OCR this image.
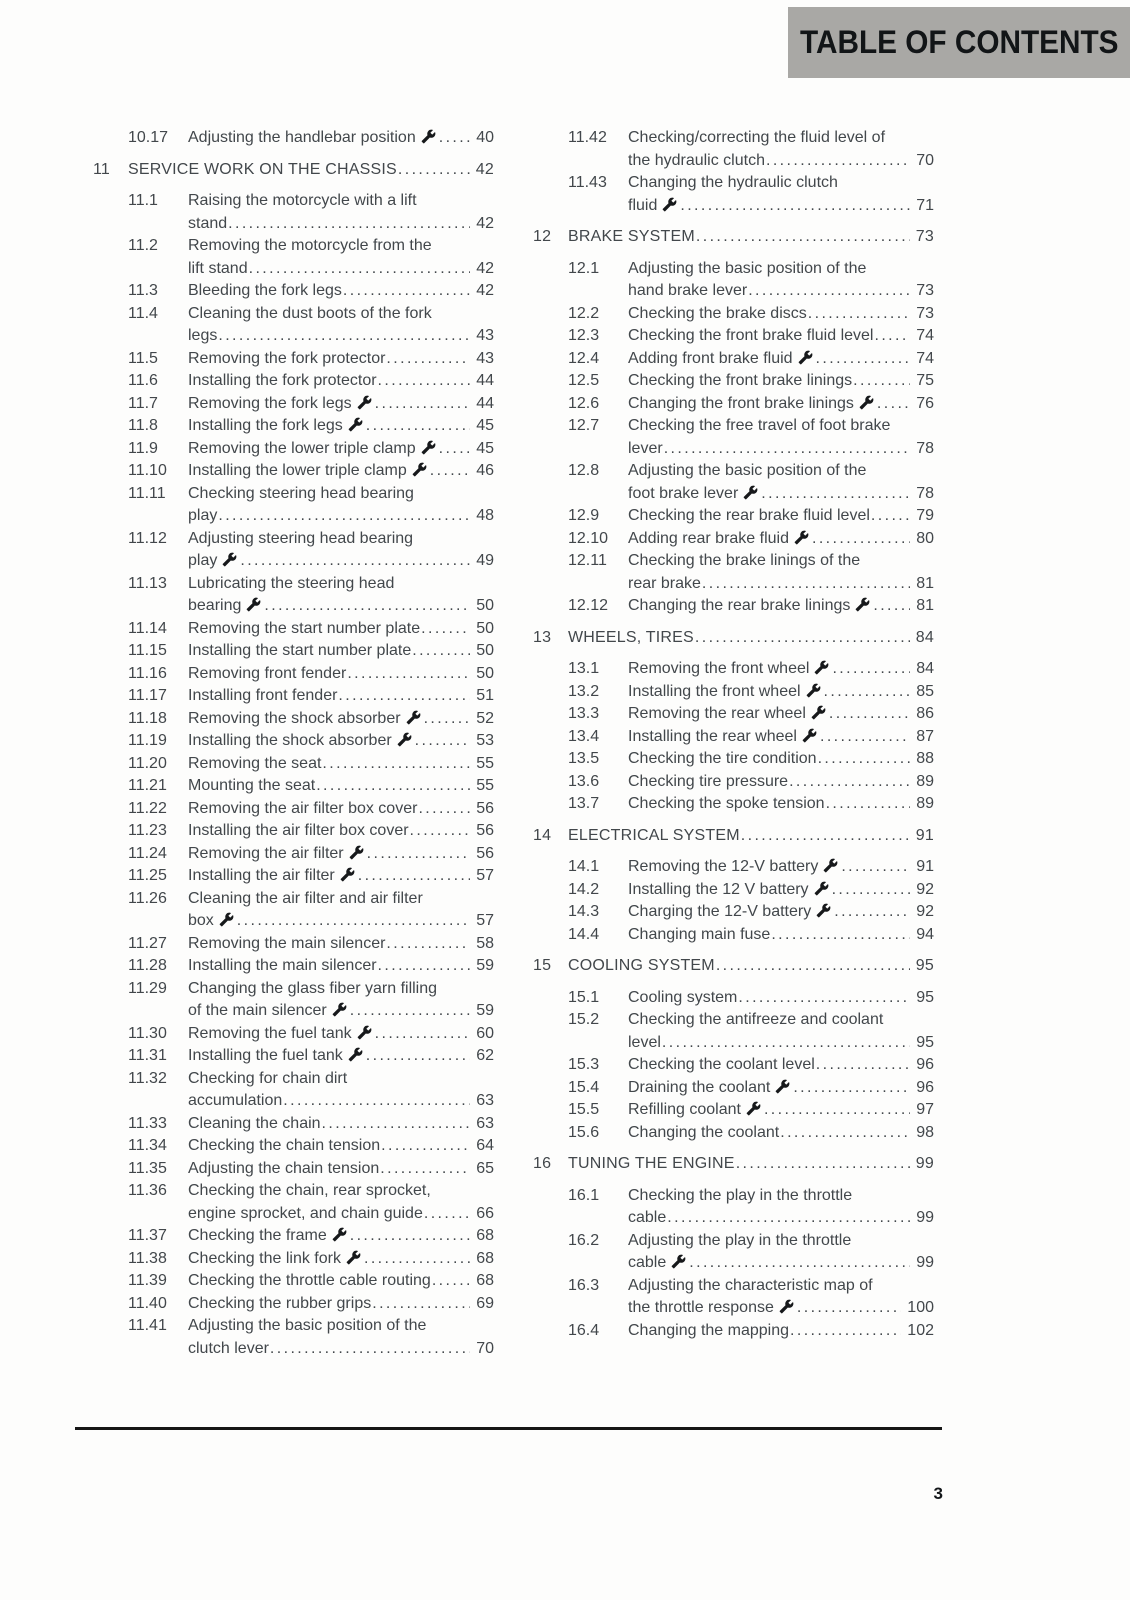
TABLE OF CONTENTS
10.17	Adjusting the handlebar position .....	40
11	SERVICE WORK ON THE CHASSIS .....	42
11.1	Raising the motorcycle with a lift
stand .....	42
11.2	Removing the motorcycle from the
lift stand .....	42
11.3	Bleeding the fork legs .....	42
11.4	Cleaning the dust boots of the fork
legs .....	43
11.5	Removing the fork protector .....	43
11.6	Installing the fork protector .....	44
11.7	Removing the fork legs .....	44
11.8	Installing the fork legs .....	45
11.9	Removing the lower triple clamp .....	45
11.10	Installing the lower triple clamp .....	46
11.11	Checking steering head bearing
play .....	48
11.12	Adjusting steering head bearing
play .....	49
11.13	Lubricating the steering head
bearing .....	50
11.14	Removing the start number plate .....	50
11.15	Installing the start number plate .....	50
11.16	Removing front fender .....	50
11.17	Installing front fender .....	51
11.18	Removing the shock absorber .....	52
11.19	Installing the shock absorber .....	53
11.20	Removing the seat .....	55
11.21	Mounting the seat .....	55
11.22	Removing the air filter box cover .....	56
11.23	Installing the air filter box cover .....	56
11.24	Removing the air filter .....	56
11.25	Installing the air filter .....	57
11.26	Cleaning the air filter and air filter
box .....	57
11.27	Removing the main silencer .....	58
11.28	Installing the main silencer .....	59
11.29	Changing the glass fiber yarn filling
of the main silencer .....	59
11.30	Removing the fuel tank .....	60
11.31	Installing the fuel tank .....	62
11.32	Checking for chain dirt
accumulation .....	63
11.33	Cleaning the chain .....	63
11.34	Checking the chain tension .....	64
11.35	Adjusting the chain tension .....	65
11.36	Checking the chain, rear sprocket,
engine sprocket, and chain guide .....	66
11.37	Checking the frame .....	68
11.38	Checking the link fork .....	68
11.39	Checking the throttle cable routing .....	68
11.40	Checking the rubber grips .....	69
11.41	Adjusting the basic position of the
clutch lever .....	70
11.42	Checking/correcting the fluid level of
the hydraulic clutch .....	70
11.43	Changing the hydraulic clutch
fluid .....	71
12	BRAKE SYSTEM .....	73
12.1	Adjusting the basic position of the
hand brake lever .....	73
12.2	Checking the brake discs .....	73
12.3	Checking the front brake fluid level .....	74
12.4	Adding front brake fluid .....	74
12.5	Checking the front brake linings .....	75
12.6	Changing the front brake linings .....	76
12.7	Checking the free travel of foot brake
lever .....	78
12.8	Adjusting the basic position of the
foot brake lever .....	78
12.9	Checking the rear brake fluid level .....	79
12.10	Adding rear brake fluid .....	80
12.11	Checking the brake linings of the
rear brake .....	81
12.12	Changing the rear brake linings .....	81
13	WHEELS, TIRES .....	84
13.1	Removing the front wheel .....	84
13.2	Installing the front wheel .....	85
13.3	Removing the rear wheel .....	86
13.4	Installing the rear wheel .....	87
13.5	Checking the tire condition .....	88
13.6	Checking tire pressure .....	89
13.7	Checking the spoke tension .....	89
14	ELECTRICAL SYSTEM .....	91
14.1	Removing the 12-V battery .....	91
14.2	Installing the 12 V battery .....	92
14.3	Charging the 12-V battery .....	92
14.4	Changing main fuse .....	94
15	COOLING SYSTEM .....	95
15.1	Cooling system .....	95
15.2	Checking the antifreeze and coolant
level .....	95
15.3	Checking the coolant level .....	96
15.4	Draining the coolant .....	96
15.5	Refilling coolant .....	97
15.6	Changing the coolant .....	98
16	TUNING THE ENGINE .....	99
16.1	Checking the play in the throttle
cable .....	99
16.2	Adjusting the play in the throttle
cable .....	99
16.3	Adjusting the characteristic map of
the throttle response .....	100
16.4	Changing the mapping .....	102
3
